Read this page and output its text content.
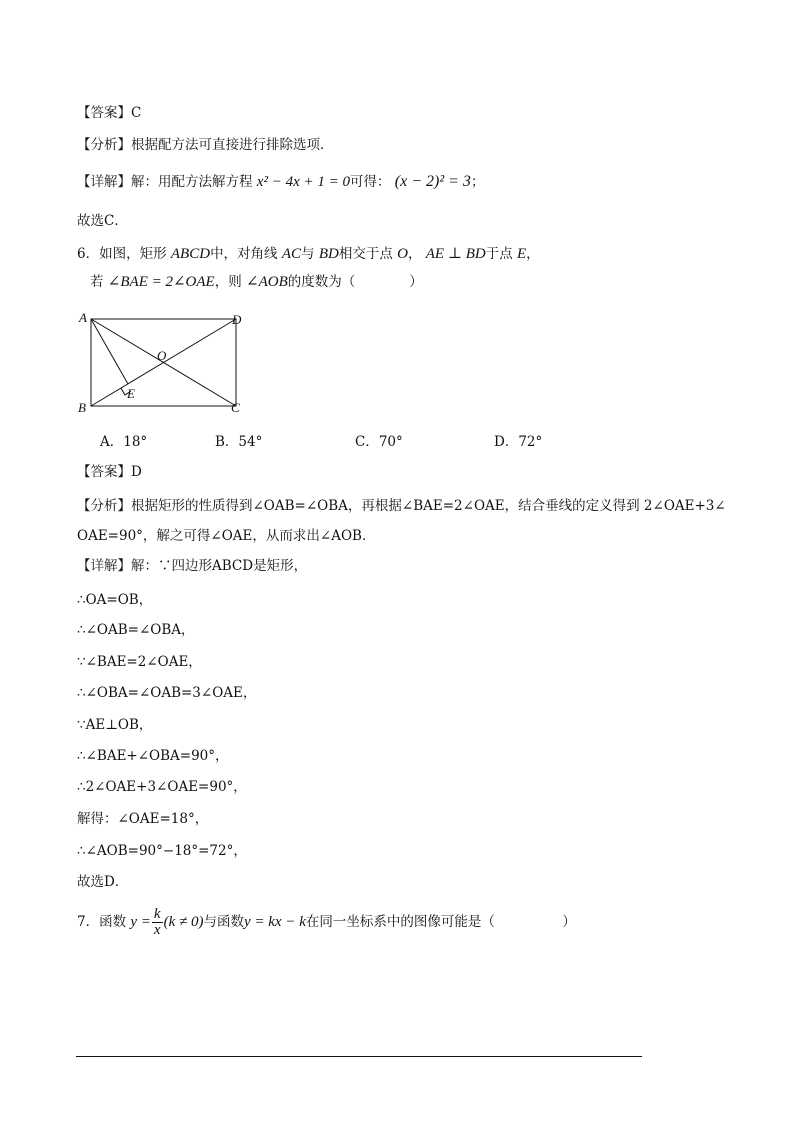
【答案】C
【分析】根据配方法可直接进行排除选项．
【详解】解：用配方法解方程 x² − 4x + 1 = 0可得： (x − 2)² = 3；
故选C．
6．如图，矩形 ABCD中，对角线 AC与 BD相交于点 O， AE ⊥ BD于点 E，
若 ∠BAE = 2∠OAE，则 ∠AOB的度数为（　　　　）
A	D
B	C
O
E
A．18°	B．54°	C．70°	D．72°
【答案】D
【分析】根据矩形的性质得到∠OAB=∠OBA，再根据∠BAE=2∠OAE，结合垂线的定义得到 2∠OAE+3∠
OAE=90°，解之可得∠OAE，从而求出∠AOB．
【详解】解：∵四边形ABCD是矩形，
∴OA=OB，
∴∠OAB=∠OBA，
∵∠BAE=2∠OAE，
∴∠OBA=∠OAB=3∠OAE，
∵AE⊥OB，
∴∠BAE+∠OBA=90°，
∴2∠OAE+3∠OAE=90°，
解得：∠OAE=18°，
∴∠AOB=90°−18°=72°，
故选D．
7．函数 $y = \frac{k}{x} (k \ne 0)$与函数y = kx − k在同一坐标系中的图像可能是（　　　　　）
